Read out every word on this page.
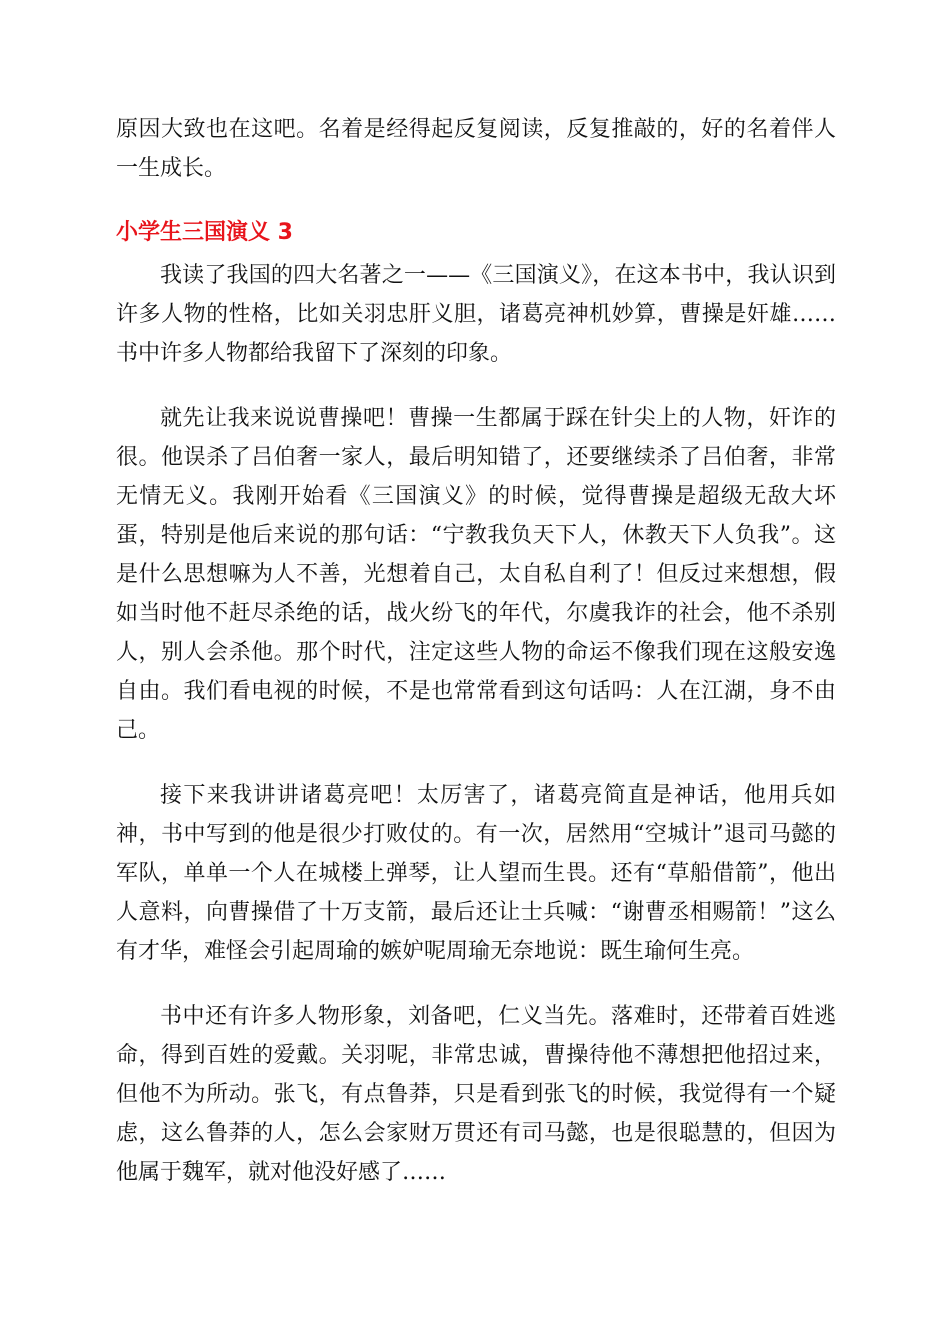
原因大致也在这吧。名着是经得起反复阅读，反复推敲的，好的名着伴人一生成长。

小学生三国演义 3

我读了我国的四大名著之一——《三国演义》，在这本书中，我认识到许多人物的性格，比如关羽忠肝义胆，诸葛亮神机妙算，曹操是奸雄……书中许多人物都给我留下了深刻的印象。

就先让我来说说曹操吧！曹操一生都属于踩在针尖上的人物，奸诈的很。他误杀了吕伯奢一家人，最后明知错了，还要继续杀了吕伯奢，非常无情无义。我刚开始看《三国演义》的时候，觉得曹操是超级无敌大坏蛋，特别是他后来说的那句话：“宁教我负天下人，休教天下人负我”。这是什么思想嘛为人不善，光想着自己，太自私自利了！但反过来想想，假如当时他不赶尽杀绝的话，战火纷飞的年代，尔虞我诈的社会，他不杀别人，别人会杀他。那个时代，注定这些人物的命运不像我们现在这般安逸自由。我们看电视的时候，不是也常常看到这句话吗：人在江湖，身不由己。

接下来我讲讲诸葛亮吧！太厉害了，诸葛亮简直是神话，他用兵如神，书中写到的他是很少打败仗的。有一次，居然用“空城计”退司马懿的军队，单单一个人在城楼上弹琴，让人望而生畏。还有“草船借箭”，他出人意料，向曹操借了十万支箭，最后还让士兵喊：“谢曹丞相赐箭！”这么有才华，难怪会引起周瑜的嫉妒呢周瑜无奈地说：既生瑜何生亮。

书中还有许多人物形象，刘备吧，仁义当先。落难时，还带着百姓逃命，得到百姓的爱戴。关羽呢，非常忠诚，曹操待他不薄想把他招过来，但他不为所动。张飞，有点鲁莽，只是看到张飞的时候，我觉得有一个疑虑，这么鲁莽的人，怎么会家财万贯还有司马懿，也是很聪慧的，但因为他属于魏军，就对他没好感了……
